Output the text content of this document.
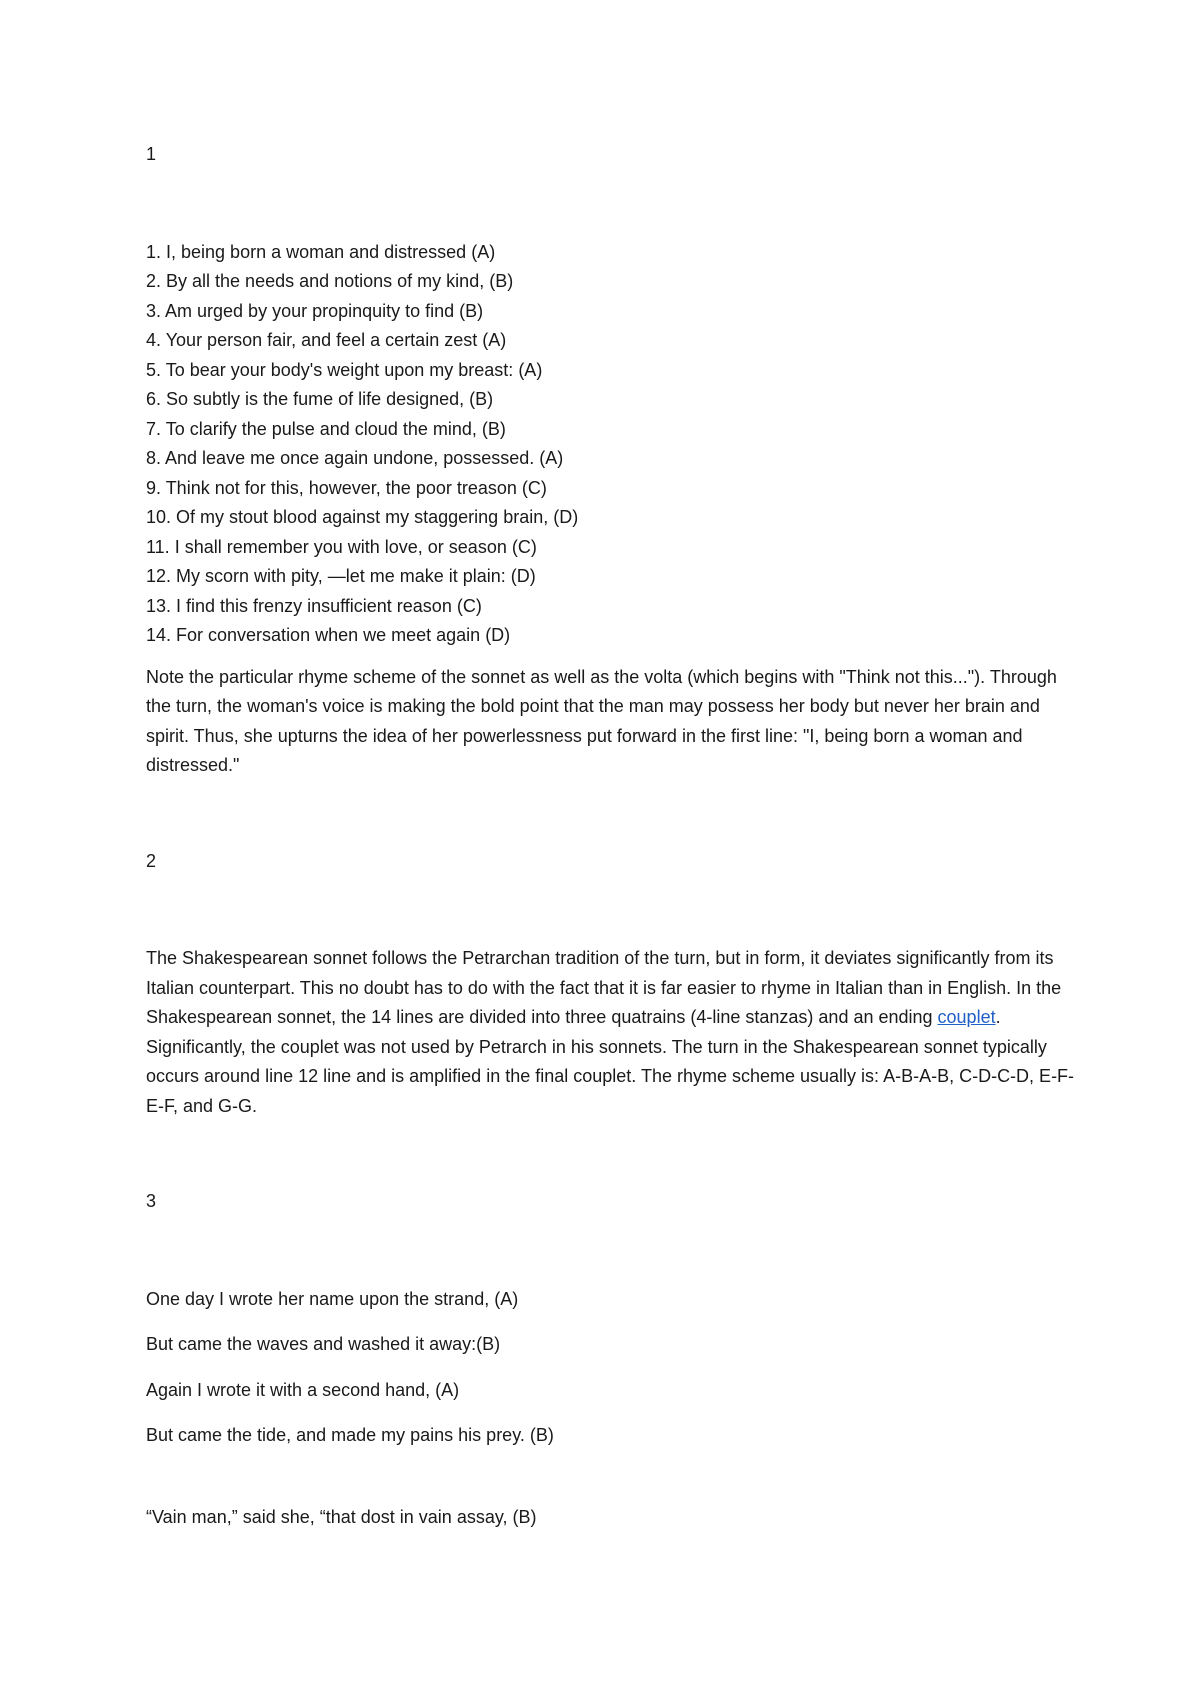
1

1. I, being born a woman and distressed (A)
2. By all the needs and notions of my kind, (B)
3. Am urged by your propinquity to find (B)
4. Your person fair, and feel a certain zest (A)
5. To bear your body's weight upon my breast: (A)
6. So subtly is the fume of life designed, (B)
7. To clarify the pulse and cloud the mind, (B)
8. And leave me once again undone, possessed. (A)
9. Think not for this, however, the poor treason (C)
10. Of my stout blood against my staggering brain, (D)
11. I shall remember you with love, or season (C)
12. My scorn with pity, —let me make it plain: (D)
13. I find this frenzy insufficient reason (C)
14. For conversation when we meet again (D)

Note the particular rhyme scheme of the sonnet as well as the volta (which begins with "Think not this..."). Through the turn, the woman's voice is making the bold point that the man may possess her body but never her brain and spirit. Thus, she upturns the idea of her powerlessness put forward in the first line: "I, being born a woman and distressed."

2

The Shakespearean sonnet follows the Petrarchan tradition of the turn, but in form, it deviates significantly from its Italian counterpart. This no doubt has to do with the fact that it is far easier to rhyme in Italian than in English. In the Shakespearean sonnet, the 14 lines are divided into three quatrains (4-line stanzas) and an ending couplet. Significantly, the couplet was not used by Petrarch in his sonnets. The turn in the Shakespearean sonnet typically occurs around line 12 line and is amplified in the final couplet. The rhyme scheme usually is: A-B-A-B, C-D-C-D, E-F-E-F, and G-G.

3

One day I wrote her name upon the strand, (A)

But came the waves and washed it away:(B)

Again I wrote it with a second hand, (A)

But came the tide, and made my pains his prey. (B)

“Vain man,” said she, “that dost in vain assay, (B)
